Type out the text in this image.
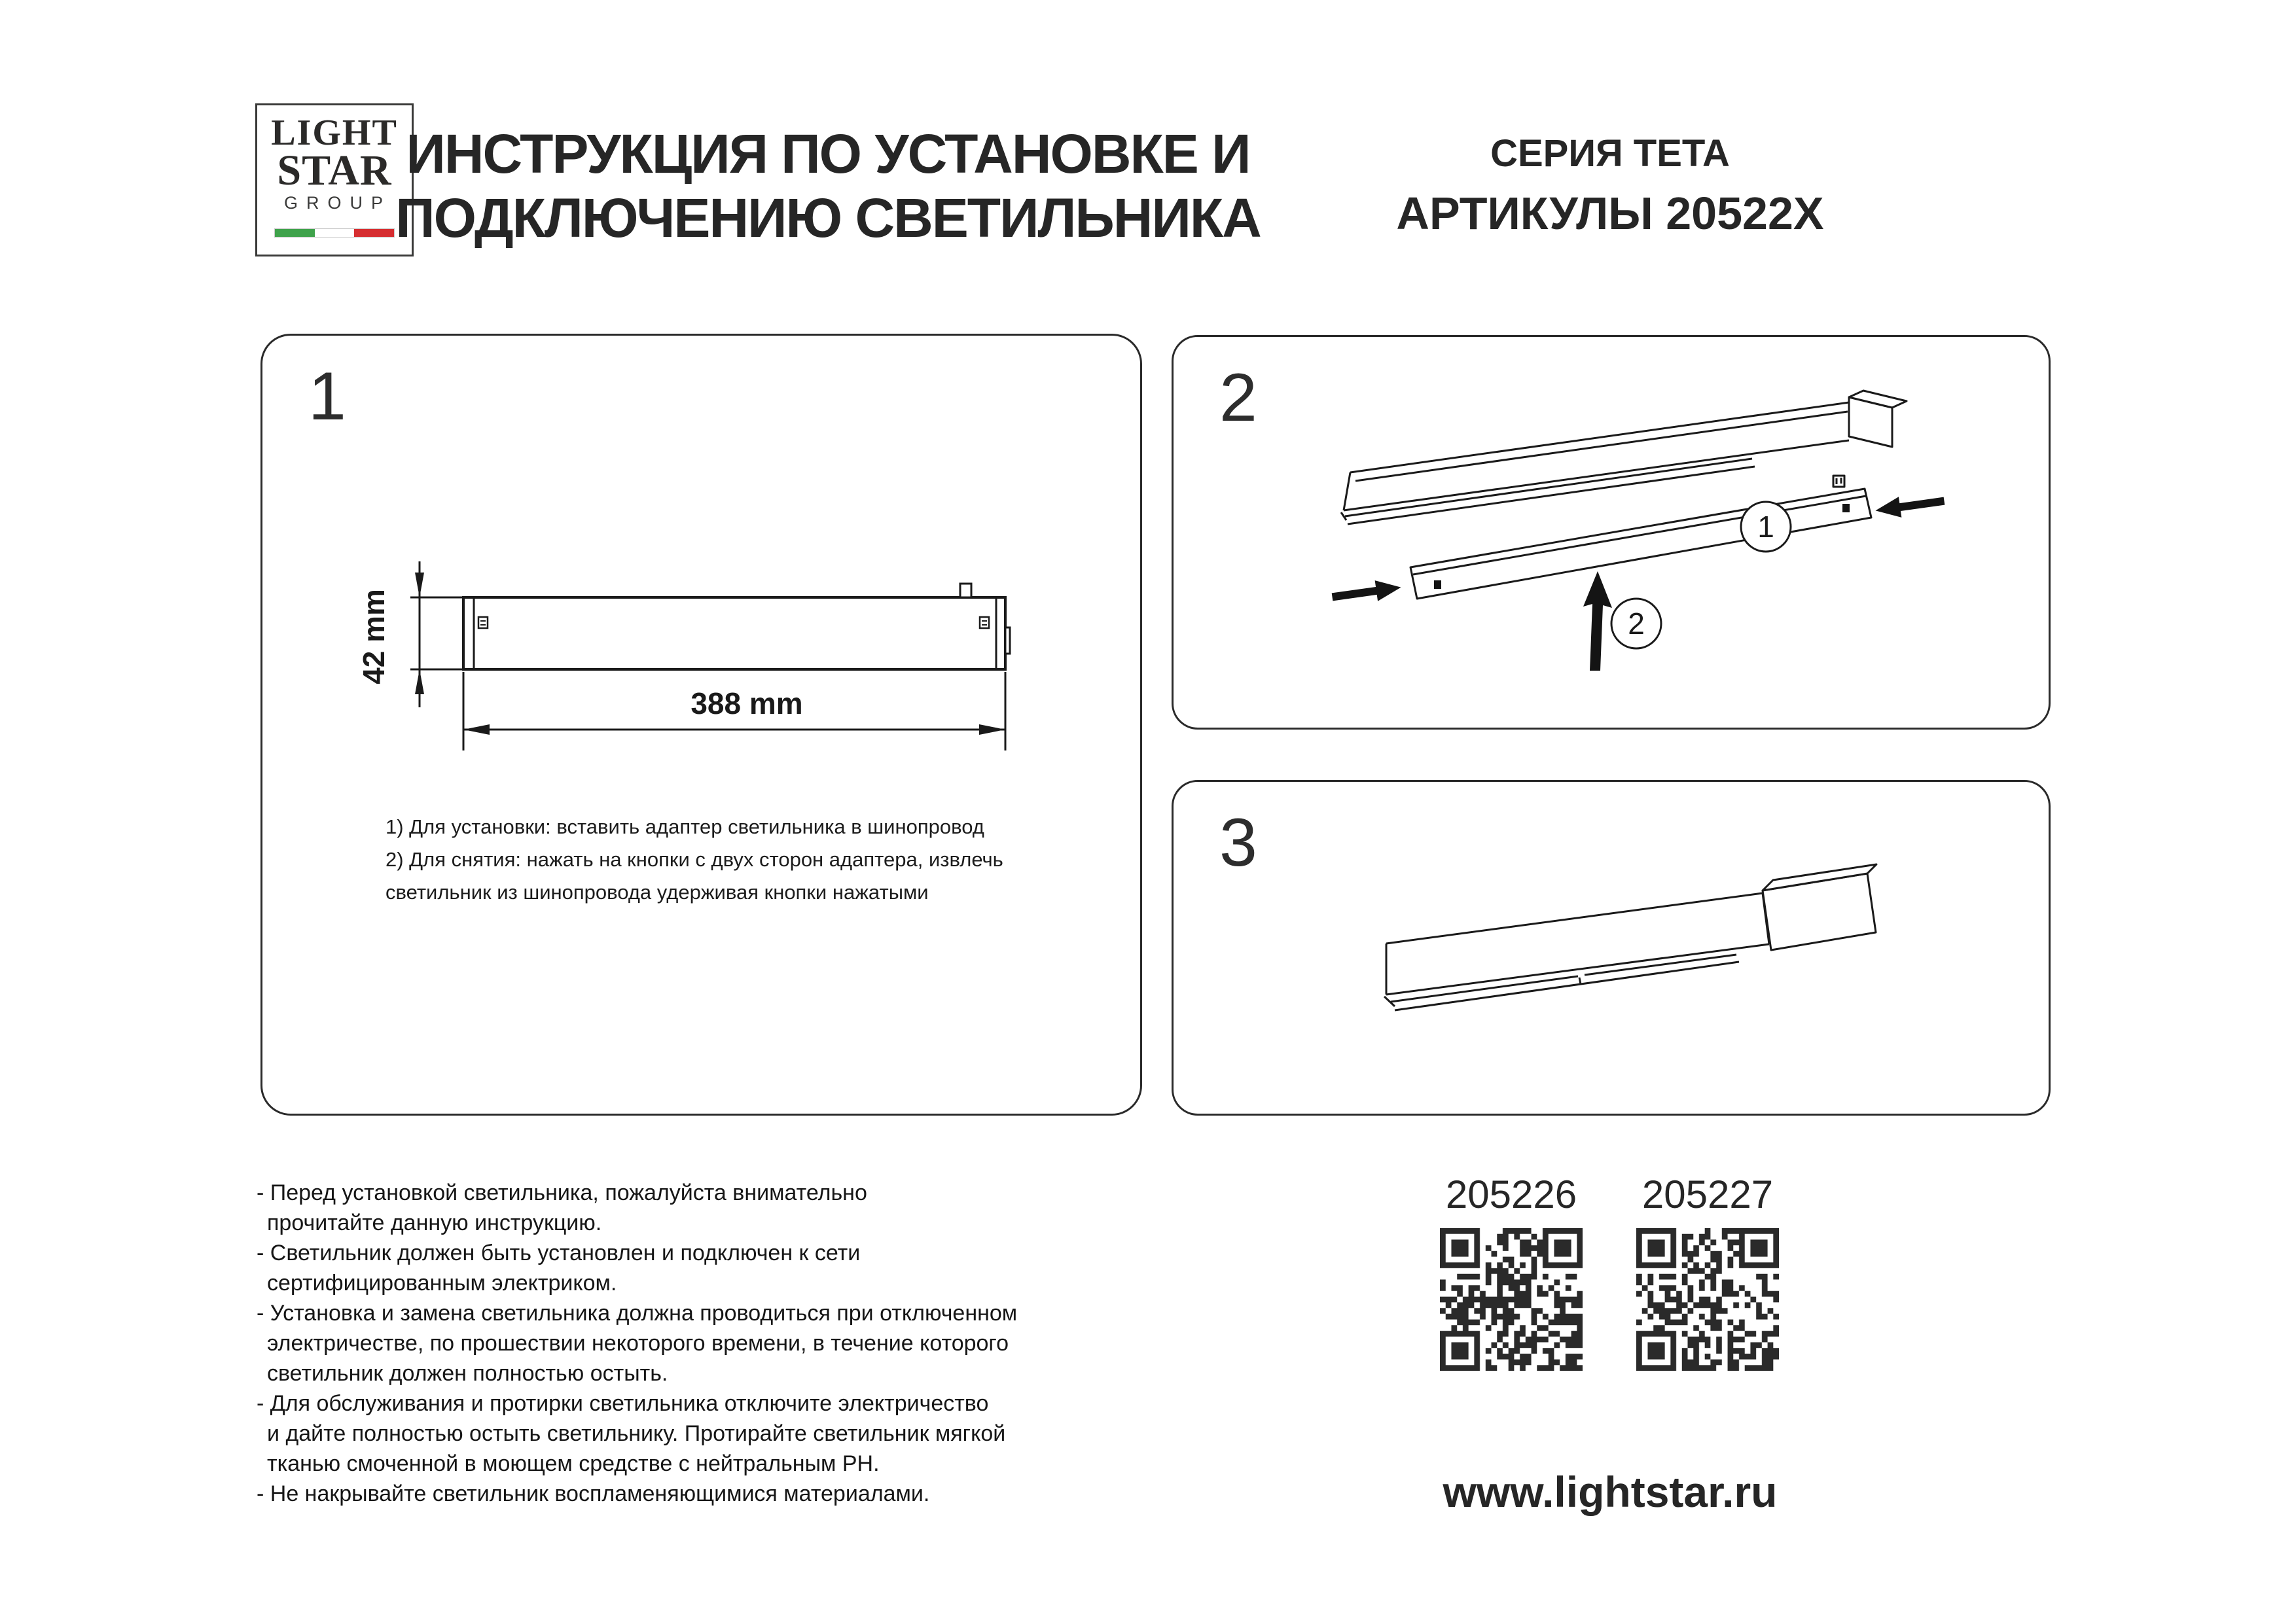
LIGHT
STAR
GROUP
ИНСТРУКЦИЯ ПО УСТАНОВКЕ И
ПОДКЛЮЧЕНИЮ СВЕТИЛЬНИКА
СЕРИЯ TETA
АРТИКУЛЫ 20522X
1
42 mm
388 mm
1) Для установки: вставить адаптер светильника в шинопровод
2) Для снятия: нажать на кнопки с двух сторон адаптера, извлечь
светильник из шинопровода удерживая кнопки нажатыми
2
1
2
3
- Перед установкой светильника, пожалуйста внимательно
прочитайте данную инструкцию.
- Светильник должен быть установлен и подключен к сети
сертифицированным электриком.
- Установка и замена светильника должна проводиться при отключенном
электричестве, по прошествии некоторого времени, в течение которого
светильник должен полностью остыть.
- Для обслуживания и протирки светильника отключите электричество
и дайте полностью остыть светильнику. Протирайте светильник мягкой
тканью смоченной в моющем средстве с нейтральным PH.
- Не накрывайте светильник воспламеняющимися материалами.
205226 205227
www.lightstar.ru
